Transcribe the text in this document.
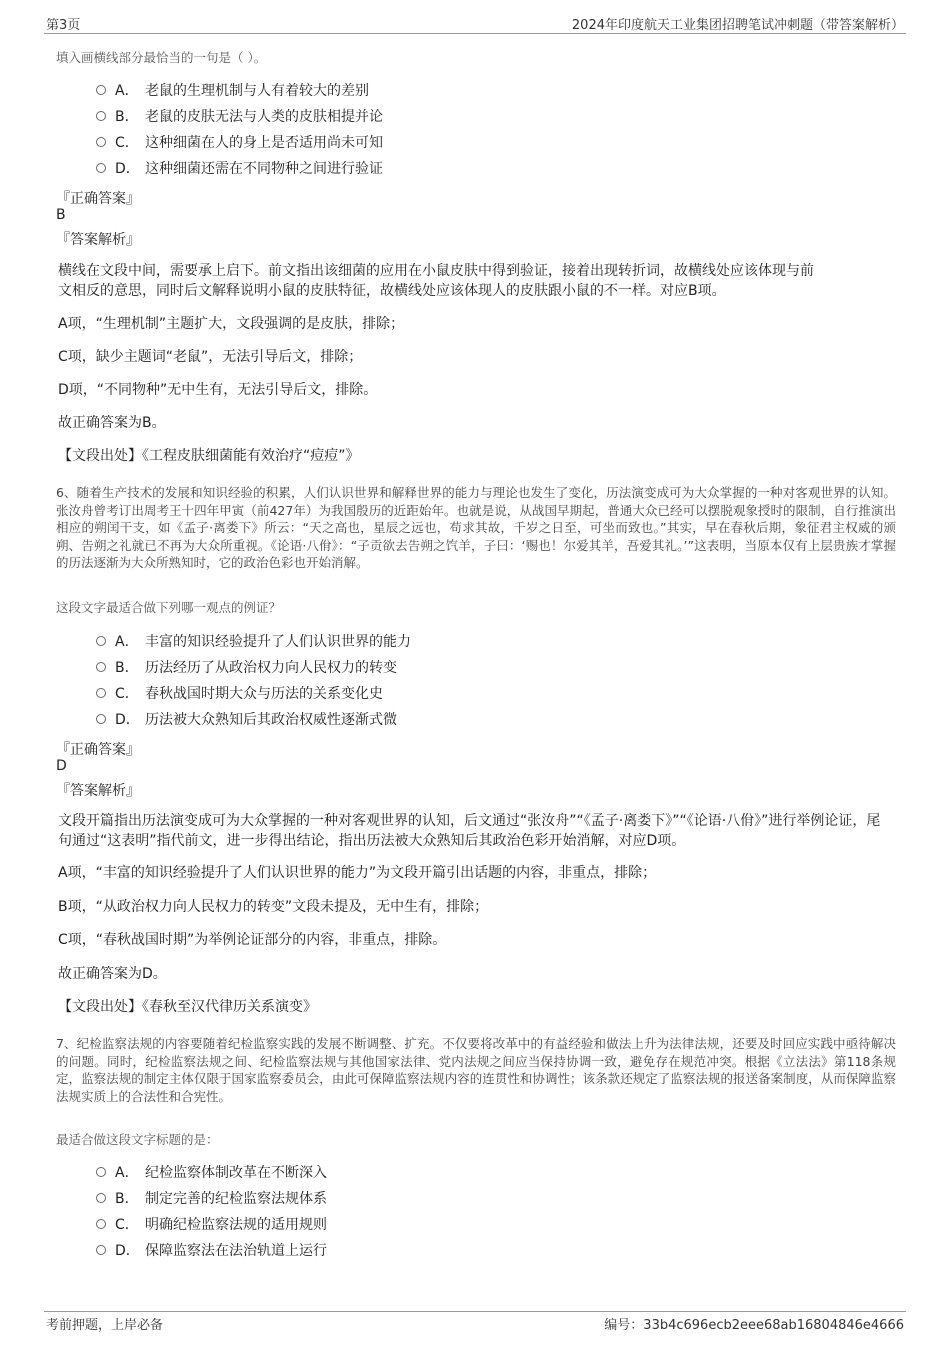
第3页	2024年印度航天工业集团招聘笔试冲刺题（带答案解析）
填入画横线部分最恰当的一句是（ ）。
A． 老鼠的生理机制与人有着较大的差别
B． 老鼠的皮肤无法与人类的皮肤相提并论
C． 这种细菌在人的身上是否适用尚未可知
D． 这种细菌还需在不同物种之间进行验证
『正确答案』
B
『答案解析』
横线在文段中间，需要承上启下。前文指出该细菌的应用在小鼠皮肤中得到验证，接着出现转折词，故横线处应该体现与前
文相反的意思，同时后文解释说明小鼠的皮肤特征，故横线处应该体现人的皮肤跟小鼠的不一样。对应B项。
A项，“生理机制”主题扩大，文段强调的是皮肤，排除；
C项，缺少主题词“老鼠”，无法引导后文，排除；
D项，“不同物种”无中生有，无法引导后文，排除。
故正确答案为B。
【文段出处】《工程皮肤细菌能有效治疗“痘痘”》
6、随着生产技术的发展和知识经验的积累，人们认识世界和解释世界的能力与理论也发生了变化，历法演变成可为大众掌握的一种对客观世界的认知。张汝舟曾考订出周考王十四年甲寅（前427年）为我国殷历的近距始年。也就是说，从战国早期起，普通大众已经可以摆脱观象授时的限制，自行推演出相应的朔闰干支，如《孟子·离娄下》所云：“天之高也，星辰之远也，苟求其故，千岁之日至，可坐而致也。”其实，早在春秋后期，象征君主权威的颁朔、告朔之礼就已不再为大众所重视。《论语·八佾》：“子贡欲去告朔之饩羊，子曰：‘赐也！尔爱其羊，吾爱其礼。’”这表明，当原本仅有上层贵族才掌握的历法逐渐为大众所熟知时，它的政治色彩也开始消解。
这段文字最适合做下列哪一观点的例证？
A． 丰富的知识经验提升了人们认识世界的能力
B． 历法经历了从政治权力向人民权力的转变
C． 春秋战国时期大众与历法的关系变化史
D． 历法被大众熟知后其政治权威性逐渐式微
『正确答案』
D
『答案解析』
文段开篇指出历法演变成可为大众掌握的一种对客观世界的认知，后文通过“张汝舟”“《孟子·离娄下》”“《论语·八佾》”进行举例论证，尾句通过“这表明”指代前文，进一步得出结论，指出历法被大众熟知后其政治色彩开始消解，对应D项。
A项，“丰富的知识经验提升了人们认识世界的能力”为文段开篇引出话题的内容，非重点，排除；
B项，“从政治权力向人民权力的转变”文段未提及，无中生有，排除；
C项，“春秋战国时期”为举例论证部分的内容，非重点，排除。
故正确答案为D。
【文段出处】《春秋至汉代律历关系演变》
7、纪检监察法规的内容要随着纪检监察实践的发展不断调整、扩充。不仅要将改革中的有益经验和做法上升为法律法规，还要及时回应实践中亟待解决的问题。同时，纪检监察法规之间、纪检监察法规与其他国家法律、党内法规之间应当保持协调一致，避免存在规范冲突。根据《立法法》第118条规定，监察法规的制定主体仅限于国家监察委员会，由此可保障监察法规内容的连贯性和协调性；该条款还规定了监察法规的报送备案制度，从而保障监察法规实质上的合法性和合宪性。
最适合做这段文字标题的是：
A． 纪检监察体制改革在不断深入
B． 制定完善的纪检监察法规体系
C． 明确纪检监察法规的适用规则
D． 保障监察法在法治轨道上运行
考前押题，上岸必备	编号：33b4c696ecb2eee68ab16804846e4666
